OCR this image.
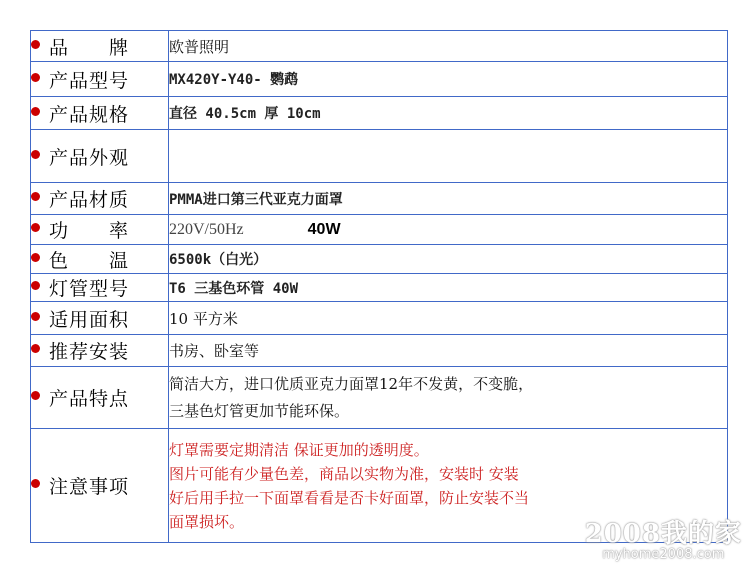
品　　牌	欧普照明
产品型号	MX420Y-Y40- 鹦鹉
产品规格	直径 40.5cm 厚 10cm
产品外观	
产品材质	PMMA进口第三代亚克力面罩
功　　率	220V/50Hz 40W
色　　温	6500k（白光）
灯管型号	T6 三基色环管 40W
适用面积	10 平方米
推荐安装	书房、卧室等
产品特点	简洁大方，进口优质亚克力面罩12年不发黄，不变脆，
三基色灯管更加节能环保。

注意事项	灯罩需要定期清洁 保证更加的透明度。
图片可能有少量色差，商品以实物为准，安装时 安装
好后用手拉一下面罩看看是否卡好面罩，防止安装不当
面罩损坏。	2008我的家
myhome2008.com
